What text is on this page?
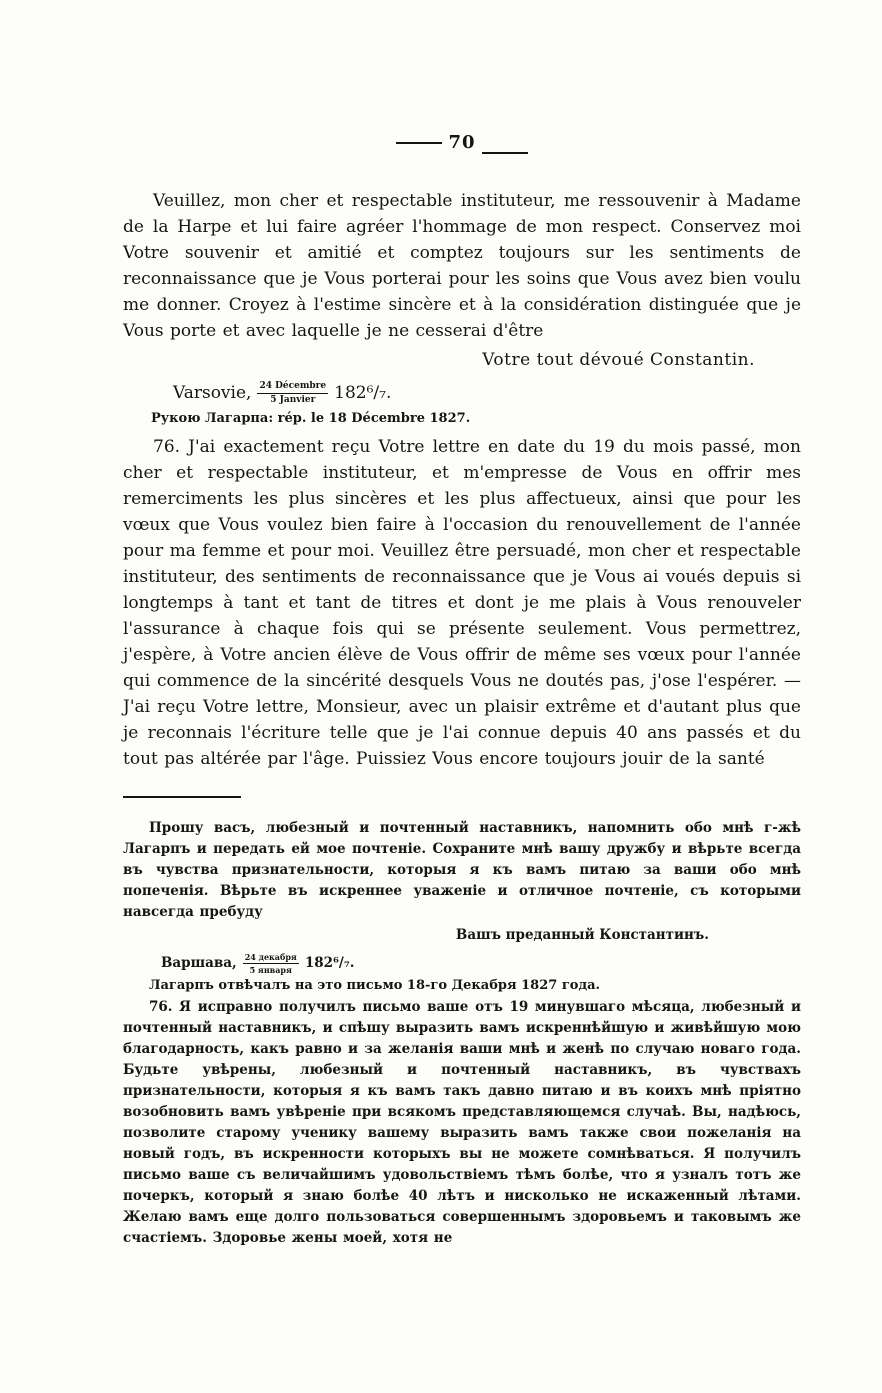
70
Veuillez, mon cher et respectable instituteur, me ressouvenir à Madame de la Harpe et lui faire agréer l'hommage de mon respect. Conservez moi Votre souvenir et amitié et comptez toujours sur les sentiments de reconnaissance que je Vous porterai pour les soins que Vous avez bien voulu me donner. Croyez à l'estime sincère et à la considération distinguée que je Vous porte et avec laquelle je ne cesserai d'être
Votre tout dévoué Constantin.
Varsovie, 24 Décembre
5 Janvier	182⁶/₇.
Рукою Лагарпа: rép. le 18 Décembre 1827.
76. J'ai exactement reçu Votre lettre en date du 19 du mois passé, mon cher et respectable instituteur, et m'empresse de Vous en offrir mes remerciments les plus sincères et les plus affectueux, ainsi que pour les vœux que Vous voulez bien faire à l'occasion du renouvellement de l'année pour ma femme et pour moi. Veuillez être persuadé, mon cher et respectable instituteur, des sentiments de reconnaissance que je Vous ai voués depuis si longtemps à tant et tant de titres et dont je me plais à Vous renouveler l'assurance à chaque fois qui se présente seulement. Vous permettrez, j'espère, à Votre ancien élève de Vous offrir de même ses vœux pour l'année qui commence de la sincérité desquels Vous ne doutés pas, j'ose l'espérer. — J'ai reçu Votre lettre, Monsieur, avec un plaisir extrême et d'autant plus que je reconnais l'écriture telle que je l'ai connue depuis 40 ans passés et du tout pas altérée par l'âge. Puissiez Vous encore toujours jouir de la santé
Прошу васъ, любезный и почтенный наставникъ, напомнить обо мнѣ г-жѣ Лагарпъ и передать ей мое почтеніе. Сохраните мнѣ вашу дружбу и вѣрьте всегда въ чувства признательности, которыя я къ вамъ питаю за ваши обо мнѣ попеченія. Вѣрьте въ искреннее уваженіе и отличное почтеніе, съ которыми навсегда пребуду
Вашъ преданный Константинъ.
Варшава, 24 декабря
5 января 182⁶/₇.
Лагарпъ отвѣчалъ на это письмо 18-го Декабря 1827 года.
76. Я исправно получилъ письмо ваше отъ 19 минувшаго мѣсяца, любезный и почтенный наставникъ, и спѣшу выразить вамъ искреннѣйшую и живѣйшую мою благодарность, какъ равно и за желанія ваши мнѣ и женѣ по случаю новаго года. Будьте увѣрены, любезный и почтенный наставникъ, въ чувствахъ признательности, которыя я къ вамъ такъ давно питаю и въ коихъ мнѣ пріятно возобновить вамъ увѣреніе при всякомъ представляющемся случаѣ. Вы, надѣюсь, позволите старому ученику вашему выразить вамъ также свои пожеланія на новый годъ, въ искренности которыхъ вы не можете сомнѣваться. Я получилъ письмо ваше съ величайшимъ удовольствіемъ тѣмъ болѣе, что я узналъ тотъ же почеркъ, который я знаю болѣе 40 лѣтъ и нисколько не искаженный лѣтами. Желаю вамъ еще долго пользоваться совершеннымъ здоровьемъ и таковымъ же счастіемъ. Здоровье жены моей, хотя не
